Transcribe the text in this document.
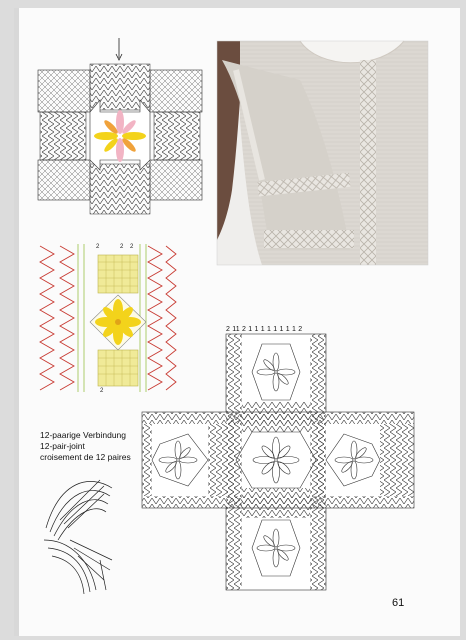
2 11 2 1 1 1 1 1 1 1 1 2
2	2 2
2
12-paarige Verbindung
12-pair-joint
croisement de 12 paires
61
